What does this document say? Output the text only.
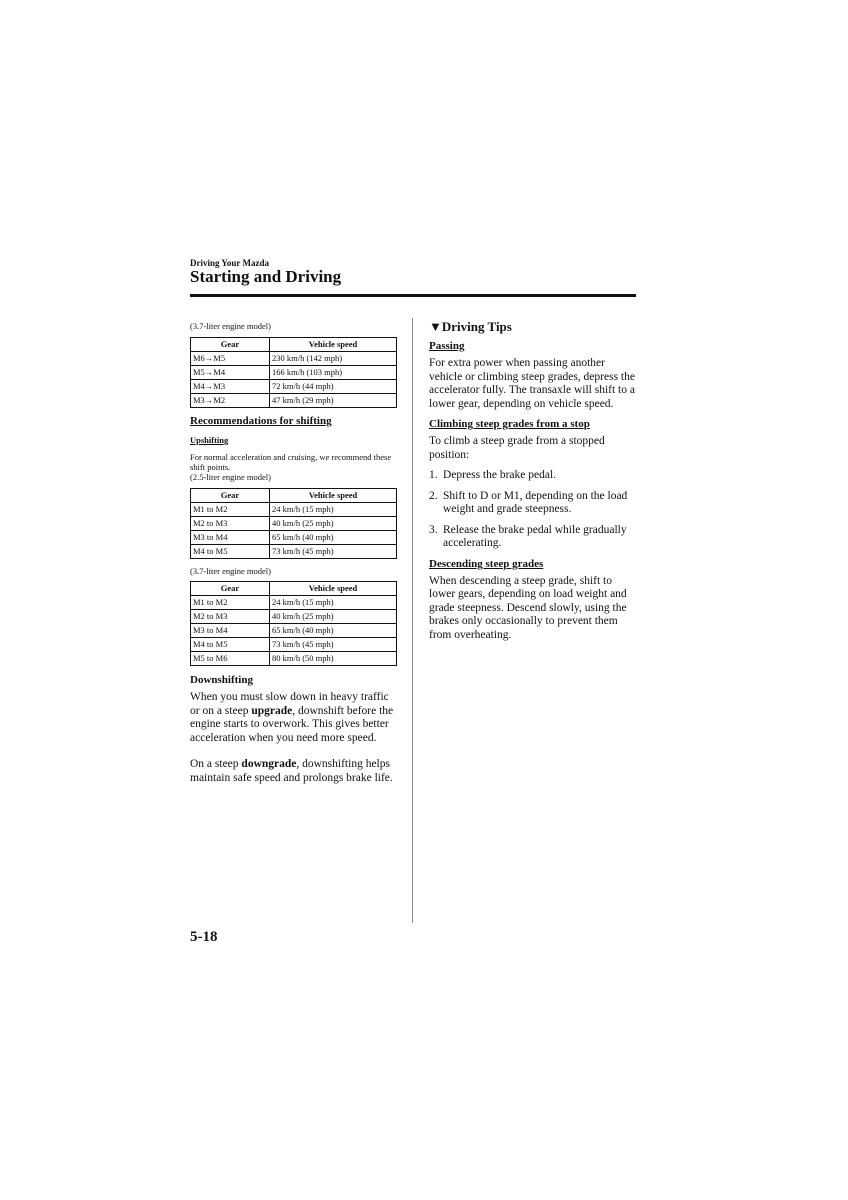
Driving Your Mazda
Starting and Driving

(3.7-liter engine model)

Gear	Vehicle speed
M6→M5	230 km/h (142 mph)
M5→M4	166 km/h (103 mph)
M4→M3	72 km/h (44 mph)
M3→M2	47 km/h (29 mph)

Recommendations for shifting

Upshifting

For normal acceleration and cruising, we recommend these shift points.

(2.5-liter engine model)

Gear	Vehicle speed
M1 to M2	24 km/h (15 mph)
M2 to M3	40 km/h (25 mph)
M3 to M4	65 km/h (40 mph)
M4 to M5	73 km/h (45 mph)

(3.7-liter engine model)

Gear	Vehicle speed
M1 to M2	24 km/h (15 mph)
M2 to M3	40 km/h (25 mph)
M3 to M4	65 km/h (40 mph)
M4 to M5	73 km/h (45 mph)
M5 to M6	80 km/h (50 mph)

Downshifting

When you must slow down in heavy traffic or on a steep upgrade, downshift before the engine starts to overwork. This gives better acceleration when you need more speed.

On a steep downgrade, downshifting helps maintain safe speed and prolongs brake life.

▼Driving Tips

Passing

For extra power when passing another vehicle or climbing steep grades, depress the accelerator fully. The transaxle will shift to a lower gear, depending on vehicle speed.

Climbing steep grades from a stop

To climb a steep grade from a stopped position:

1. Depress the brake pedal.
2. Shift to D or M1, depending on the load weight and grade steepness.
3. Release the brake pedal while gradually accelerating.

Descending steep grades

When descending a steep grade, shift to lower gears, depending on load weight and grade steepness. Descend slowly, using the brakes only occasionally to prevent them from overheating.

5-18
